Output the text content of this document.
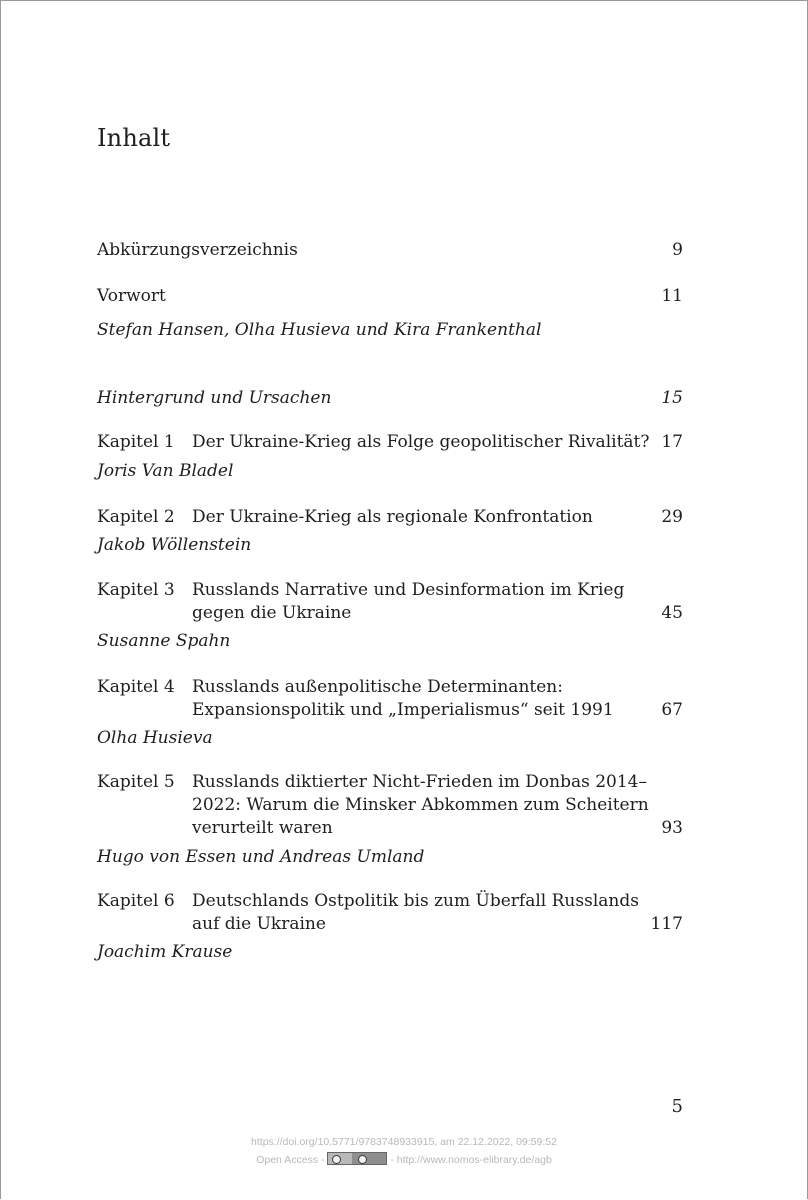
Inhalt
Abkürzungsverzeichnis	9
Vorwort	11
Stefan Hansen, Olha Husieva und Kira Frankenthal
Hintergrund und Ursachen	15
Kapitel 1 Der Ukraine-Krieg als Folge geopolitischer Rivalität? 17
Joris Van Bladel
Kapitel 2 Der Ukraine-Krieg als regionale Konfrontation	29
Jakob Wöllenstein
Kapitel 3 Russlands Narrative und Desinformation im Krieg
gegen die Ukraine	45
Susanne Spahn
Kapitel 4 Russlands außenpolitische Determinanten:
Expansionspolitik und „Imperialismus“ seit 1991	67
Olha Husieva
Kapitel 5 Russlands diktierter Nicht-Frieden im Donbas 2014–
2022: Warum die Minsker Abkommen zum Scheitern
verurteilt waren	93
Hugo von Essen und Andreas Umland
Kapitel 6 Deutschlands Ostpolitik bis zum Überfall Russlands
auf die Ukraine	117
Joachim Krause
5
https://doi.org/10.5771/9783748933915, am 22.12.2022, 09:59:52
Open Access -	- http://www.nomos-elibrary.de/agb
